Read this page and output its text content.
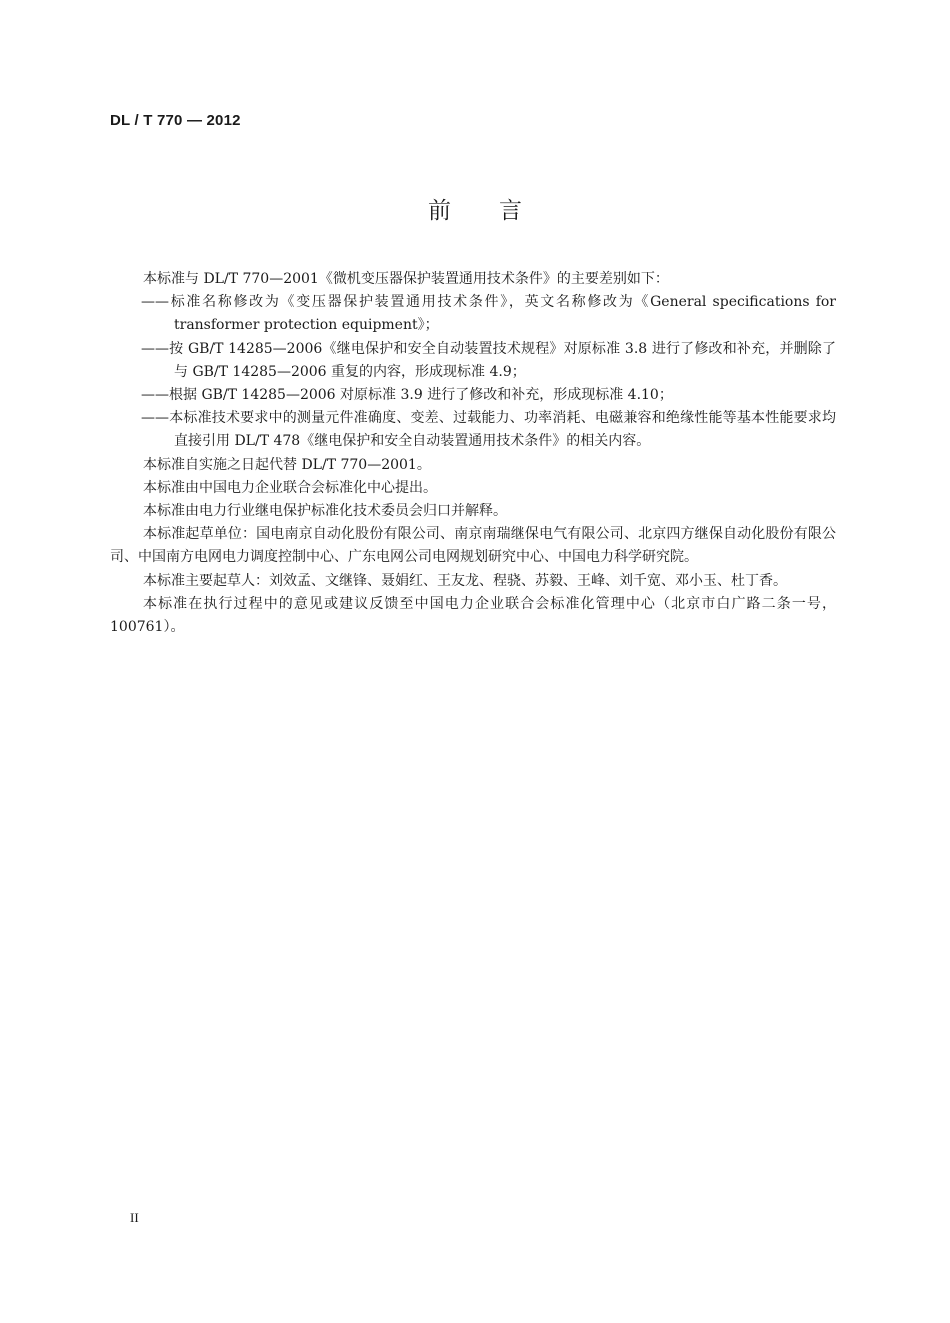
DL / T 770 — 2012
前言

本标准与 DL/T 770—2001《微机变压器保护装置通用技术条件》的主要差别如下：

——标准名称修改为《变压器保护装置通用技术条件》，英文名称修改为《General specifications for transformer protection equipment》；

——按 GB/T 14285—2006《继电保护和安全自动装置技术规程》对原标准 3.8 进行了修改和补充，并删除了与 GB/T 14285—2006 重复的内容，形成现标准 4.9；

——根据 GB/T 14285—2006 对原标准 3.9 进行了修改和补充，形成现标准 4.10；

——本标准技术要求中的测量元件准确度、变差、过载能力、功率消耗、电磁兼容和绝缘性能等基本性能要求均直接引用 DL/T 478《继电保护和安全自动装置通用技术条件》的相关内容。

本标准自实施之日起代替 DL/T 770—2001。

本标准由中国电力企业联合会标准化中心提出。

本标准由电力行业继电保护标准化技术委员会归口并解释。

本标准起草单位：国电南京自动化股份有限公司、南京南瑞继保电气有限公司、北京四方继保自动化股份有限公司、中国南方电网电力调度控制中心、广东电网公司电网规划研究中心、中国电力科学研究院。

本标准主要起草人：刘效孟、文继锋、聂娟红、王友龙、程骁、苏毅、王峰、刘千宽、邓小玉、杜丁香。

本标准在执行过程中的意见或建议反馈至中国电力企业联合会标准化管理中心（北京市白广路二条一号，100761）。

II
